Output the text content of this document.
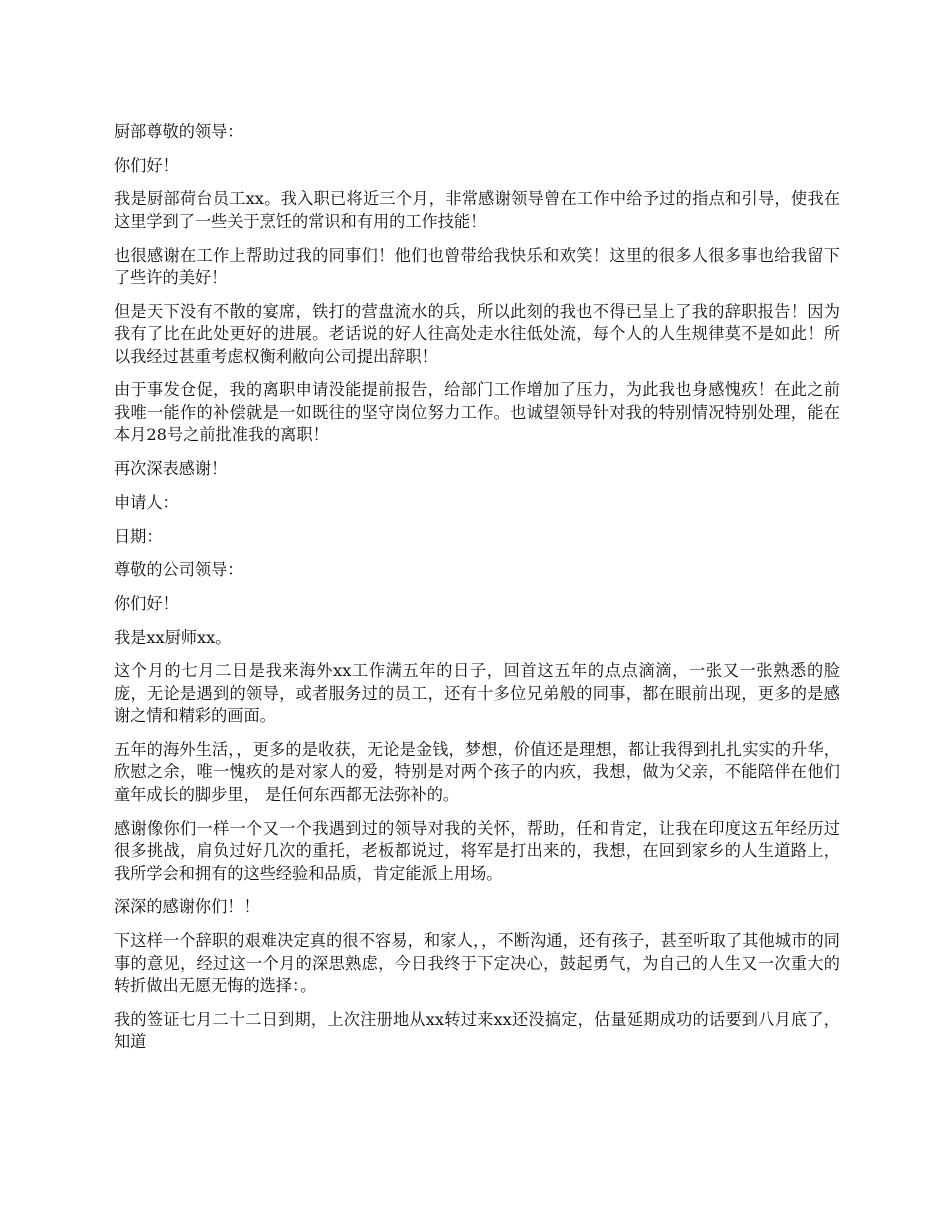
厨部尊敬的领导：

你们好！

我是厨部荷台员工xx。我入职已将近三个月，非常感谢领导曾在工作中给予过的指点和引导，使我在这里学到了一些关于烹饪的常识和有用的工作技能！

也很感谢在工作上帮助过我的同事们！他们也曾带给我快乐和欢笑！这里的很多人很多事也给我留下了些许的美好！

但是天下没有不散的宴席，铁打的营盘流水的兵，所以此刻的我也不得已呈上了我的辞职报告！因为我有了比在此处更好的进展。老话说的好人往高处走水往低处流，每个人的人生规律莫不是如此！所以我经过甚重考虑权衡利敝向公司提出辞职！

由于事发仓促，我的离职申请没能提前报告，给部门工作增加了压力，为此我也身感愧疚！在此之前我唯一能作的补偿就是一如既往的坚守岗位努力工作。也诚望领导针对我的特别情况特别处理，能在本月28号之前批准我的离职！

再次深表感谢！

申请人：

日期：

尊敬的公司领导：

你们好！

我是xx厨师xx。

这个月的七月二日是我来海外xx工作满五年的日子，回首这五年的点点滴滴，一张又一张熟悉的脸庞，无论是遇到的领导，或者服务过的员工，还有十多位兄弟般的同事，都在眼前出现，更多的是感谢之情和精彩的画面。

五年的海外生活，，更多的是收获，无论是金钱，梦想，价值还是理想，都让我得到扎扎实实的升华，欣慰之余，唯一愧疚的是对家人的爱，特别是对两个孩子的内疚，我想，做为父亲，不能陪伴在他们童年成长的脚步里， 是任何东西都无法弥补的。

感谢像你们一样一个又一个我遇到过的领导对我的关怀，帮助，任和肯定，让我在印度这五年经历过很多挑战，肩负过好几次的重托，老板都说过，将军是打出来的，我想，在回到家乡的人生道路上，我所学会和拥有的这些经验和品质，肯定能派上用场。

深深的感谢你们！！

下这样一个辞职的艰难决定真的很不容易，和家人，，不断沟通，还有孩子，甚至听取了其他城市的同事的意见，经过这一个月的深思熟虑，今日我终于下定决心，鼓起勇气，为自己的人生又一次重大的转折做出无愿无悔的选择：。

我的签证七月二十二日到期，上次注册地从xx转过来xx还没搞定，估量延期成功的话要到八月底了，知道
